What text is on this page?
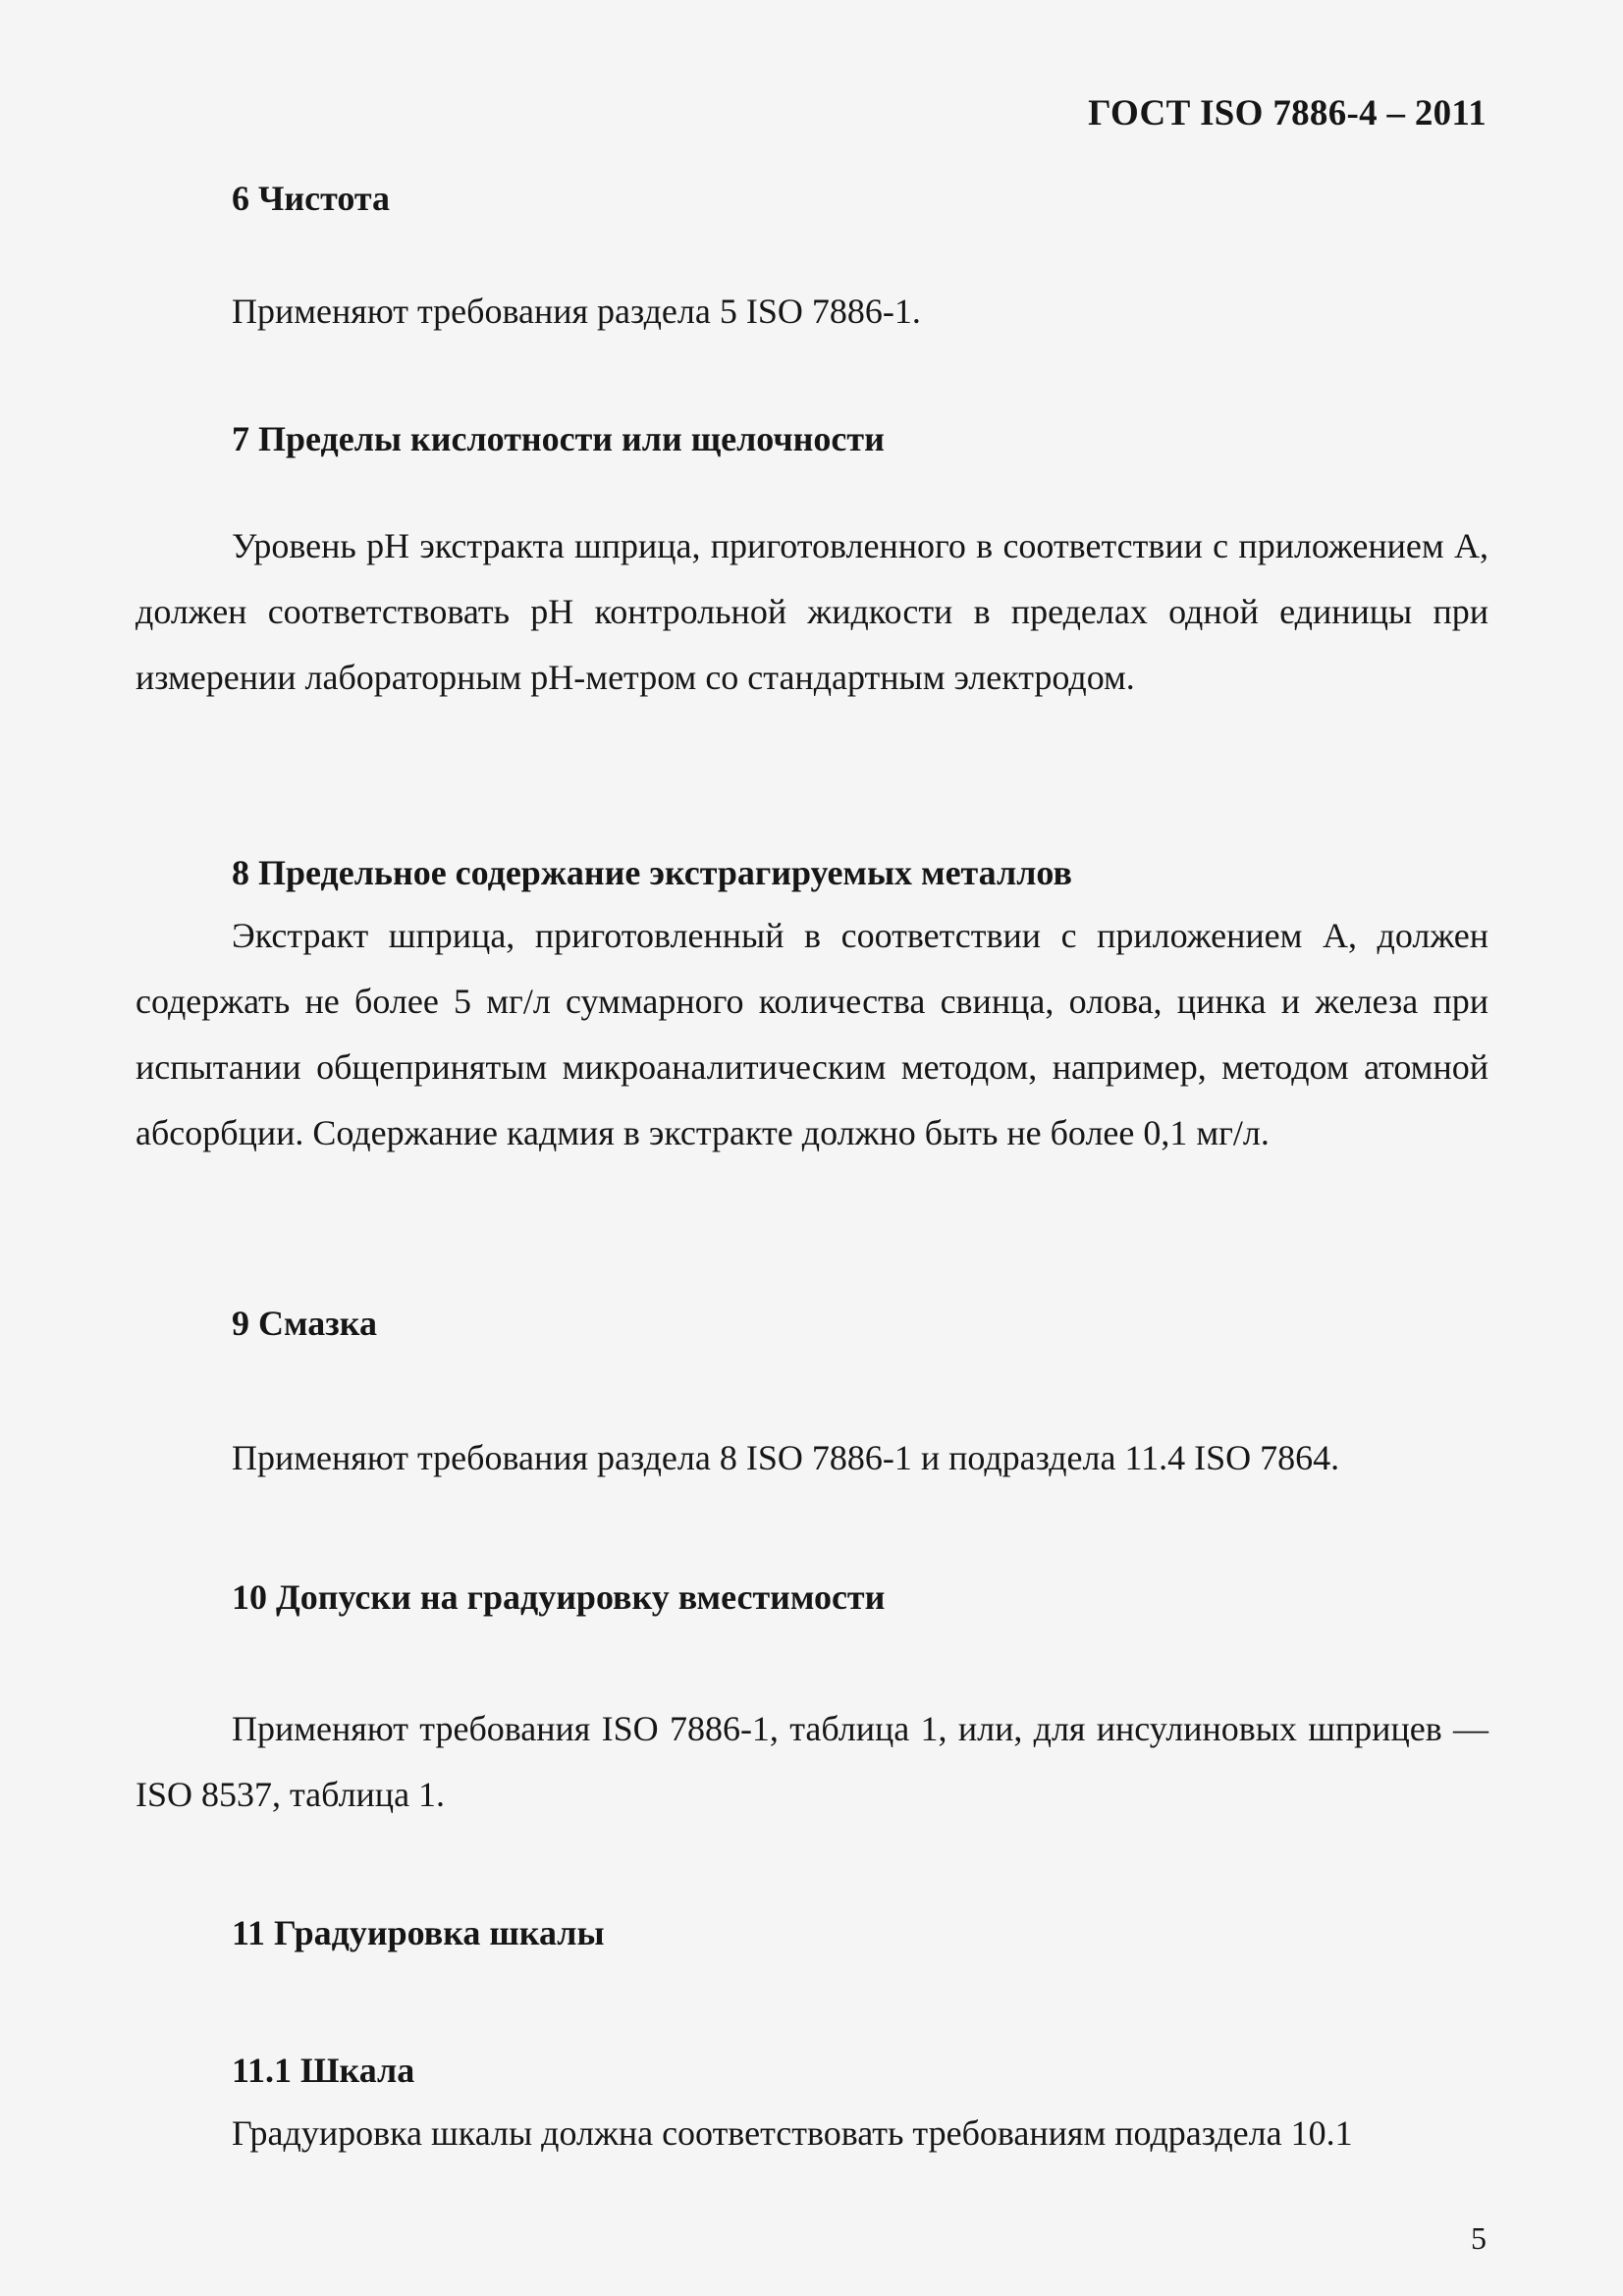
ГОСТ ISO 7886-4 – 2011
6 Чистота

Применяют требования раздела 5 ISO 7886-1.

7 Пределы кислотности или щелочности

Уровень рН экстракта шприца, приготовленного в соответствии с приложением А, должен соответствовать рН контрольной жидкости в пределах одной единицы при измерении лабораторным рН-метром со стандартным электродом.

8 Предельное содержание экстрагируемых металлов

Экстракт шприца, приготовленный в соответствии с приложением А, должен содержать не более 5 мг/л суммарного количества свинца, олова, цинка и железа при испытании общепринятым микроаналитическим методом, например, методом атомной абсорбции. Содержание кадмия в экстракте должно быть не более 0,1 мг/л.

9 Смазка

Применяют требования раздела 8 ISO 7886-1 и подраздела 11.4 ISO 7864.

10 Допуски на градуировку вместимости

Применяют требования ISO 7886-1, таблица 1, или, для инсулиновых шприцев — ISO 8537, таблица 1.

11 Градуировка шкалы
11.1 Шкала

Градуировка шкалы должна соответствовать требованиям подраздела 10.1

5
